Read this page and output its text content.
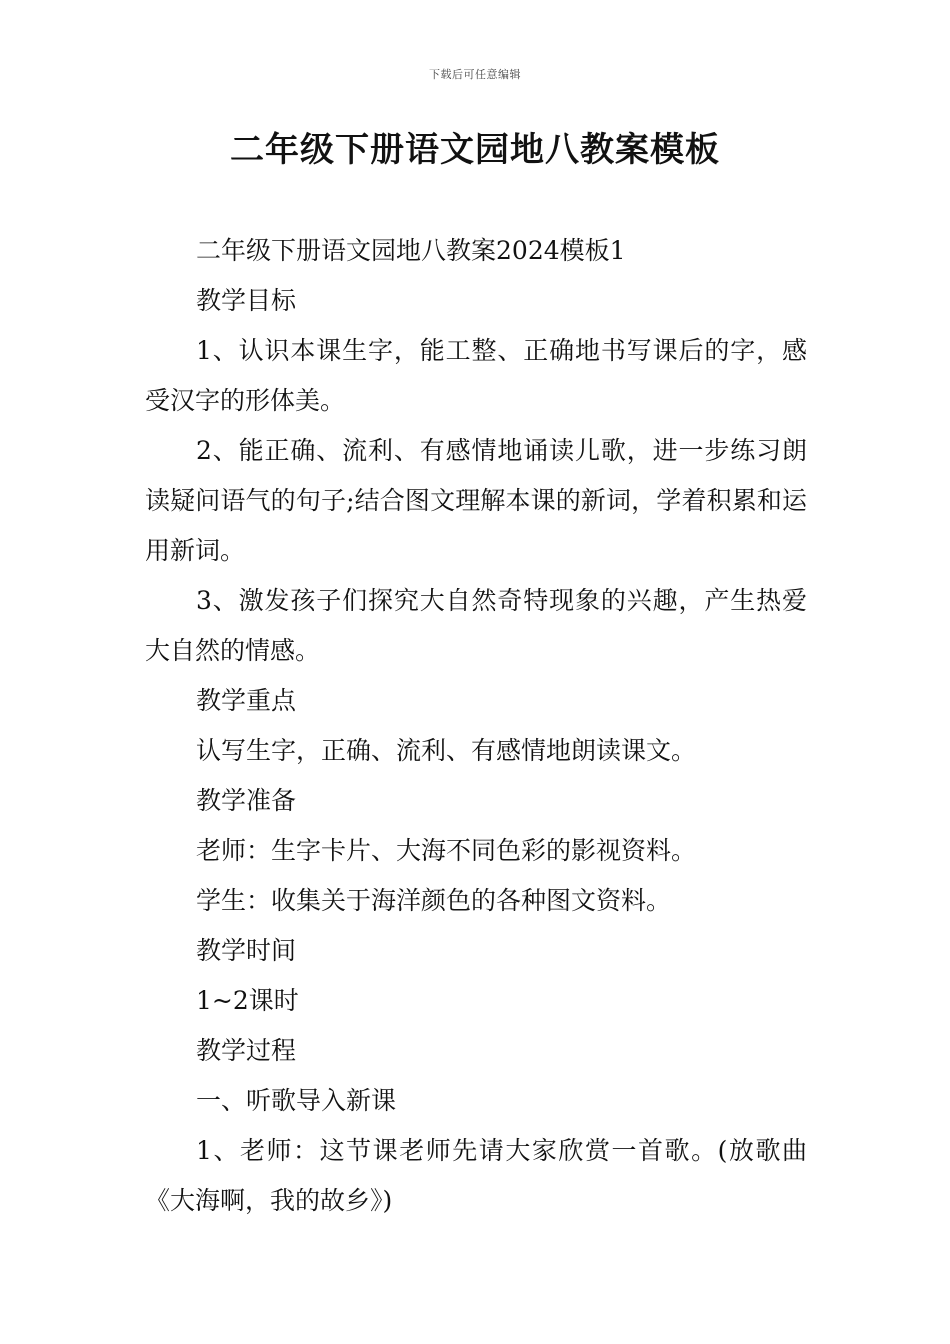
下载后可任意编辑
二年级下册语文园地八教案模板

二年级下册语文园地八教案2024模板1

教学目标

1、认识本课生字，能工整、正确地书写课后的字，感受汉字的形体美。

2、能正确、流利、有感情地诵读儿歌，进一步练习朗读疑问语气的句子;结合图文理解本课的新词，学着积累和运用新词。

3、激发孩子们探究大自然奇特现象的兴趣，产生热爱大自然的情感。

教学重点

认写生字，正确、流利、有感情地朗读课文。

教学准备

老师：生字卡片、大海不同色彩的影视资料。

学生：收集关于海洋颜色的各种图文资料。

教学时间

1~2课时

教学过程

一、听歌导入新课

1、老师：这节课老师先请大家欣赏一首歌。(放歌曲《大海啊，我的故乡》)
